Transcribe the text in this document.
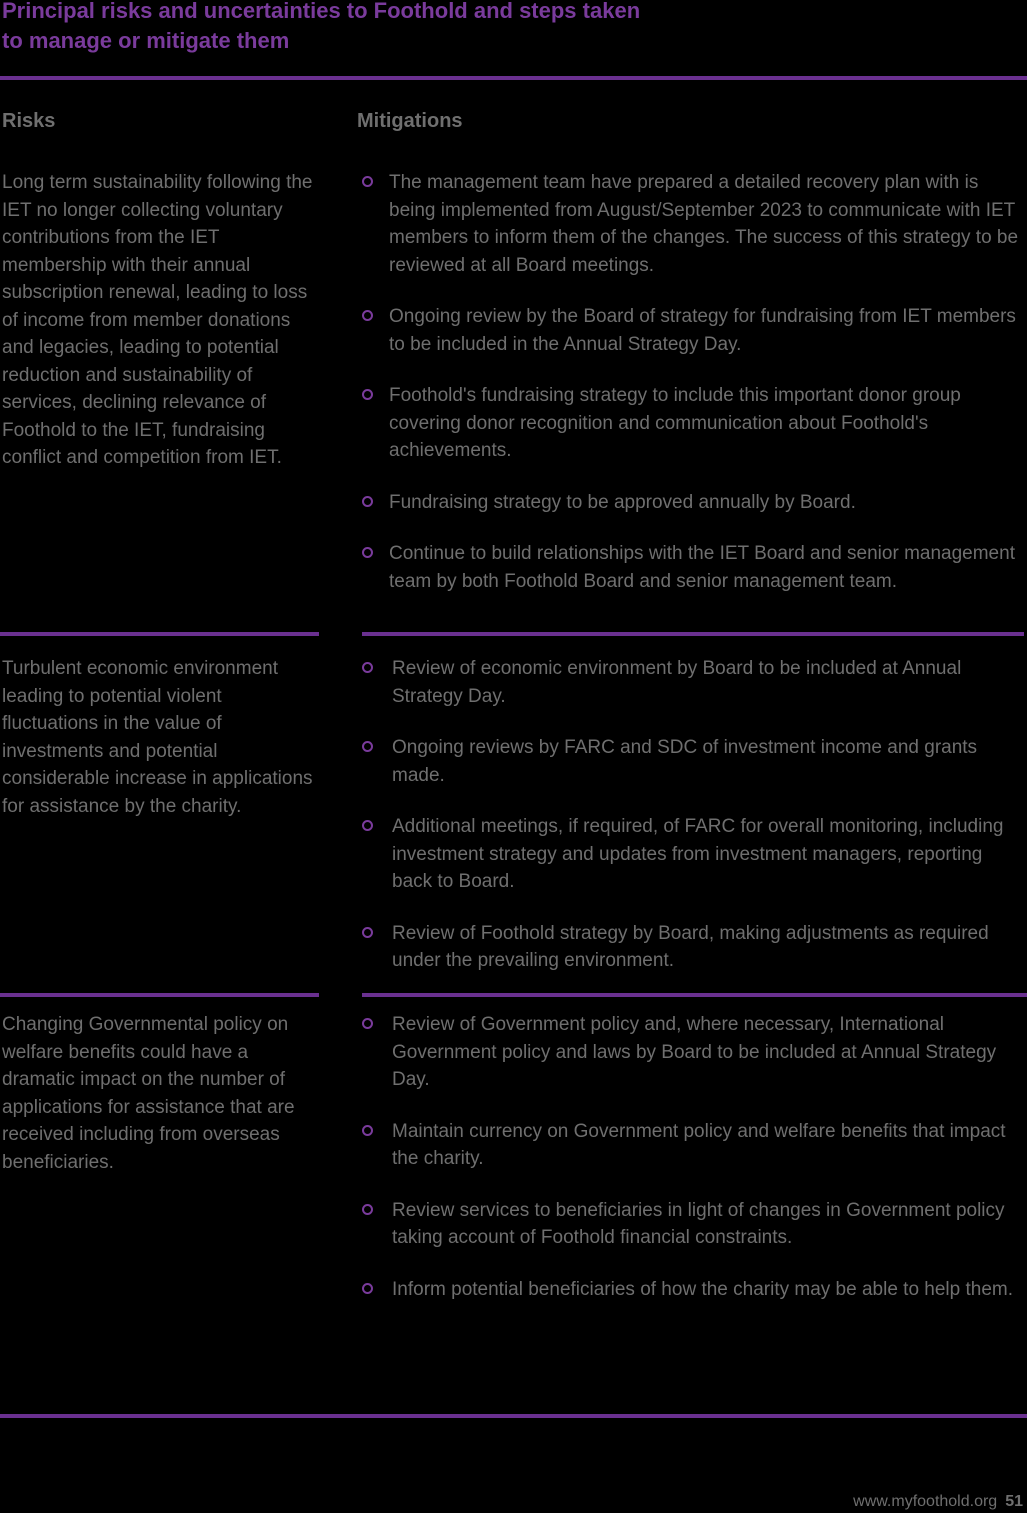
Principal risks and uncertainties to Foothold and steps taken to manage or mitigate them
Risks	Mitigations
Long term sustainability following the IET no longer collecting voluntary contributions from the IET membership with their annual subscription renewal, leading to loss of income from member donations and legacies, leading to potential reduction and sustainability of services, declining relevance of Foothold to the IET, fundraising conflict and competition from IET.
The management team have prepared a detailed recovery plan with is being implemented from August/September 2023 to communicate with IET members to inform them of the changes. The success of this strategy to be reviewed at all Board meetings.
Ongoing review by the Board of strategy for fundraising from IET members to be included in the Annual Strategy Day.
Foothold's fundraising strategy to include this important donor group covering donor recognition and communication about Foothold's achievements.
Fundraising strategy to be approved annually by Board.
Continue to build relationships with the IET Board and senior management team by both Foothold Board and senior management team.
Turbulent economic environment leading to potential violent fluctuations in the value of investments and potential considerable increase in applications for assistance by the charity.
Review of economic environment by Board to be included at Annual Strategy Day.
Ongoing reviews by FARC and SDC of investment income and grants made.
Additional meetings, if required, of FARC for overall monitoring, including investment strategy and updates from investment managers, reporting back to Board.
Review of Foothold strategy by Board, making adjustments as required under the prevailing environment.
Changing Governmental policy on welfare benefits could have a dramatic impact on the number of applications for assistance that are received including from overseas beneficiaries.
Review of Government policy and, where necessary, International Government policy and laws by Board to be included at Annual Strategy Day.
Maintain currency on Government policy and welfare benefits that impact the charity.
Review services to beneficiaries in light of changes in Government policy taking account of Foothold financial constraints.
Inform potential beneficiaries of how the charity may be able to help them.
www.myfoothold.org 51
